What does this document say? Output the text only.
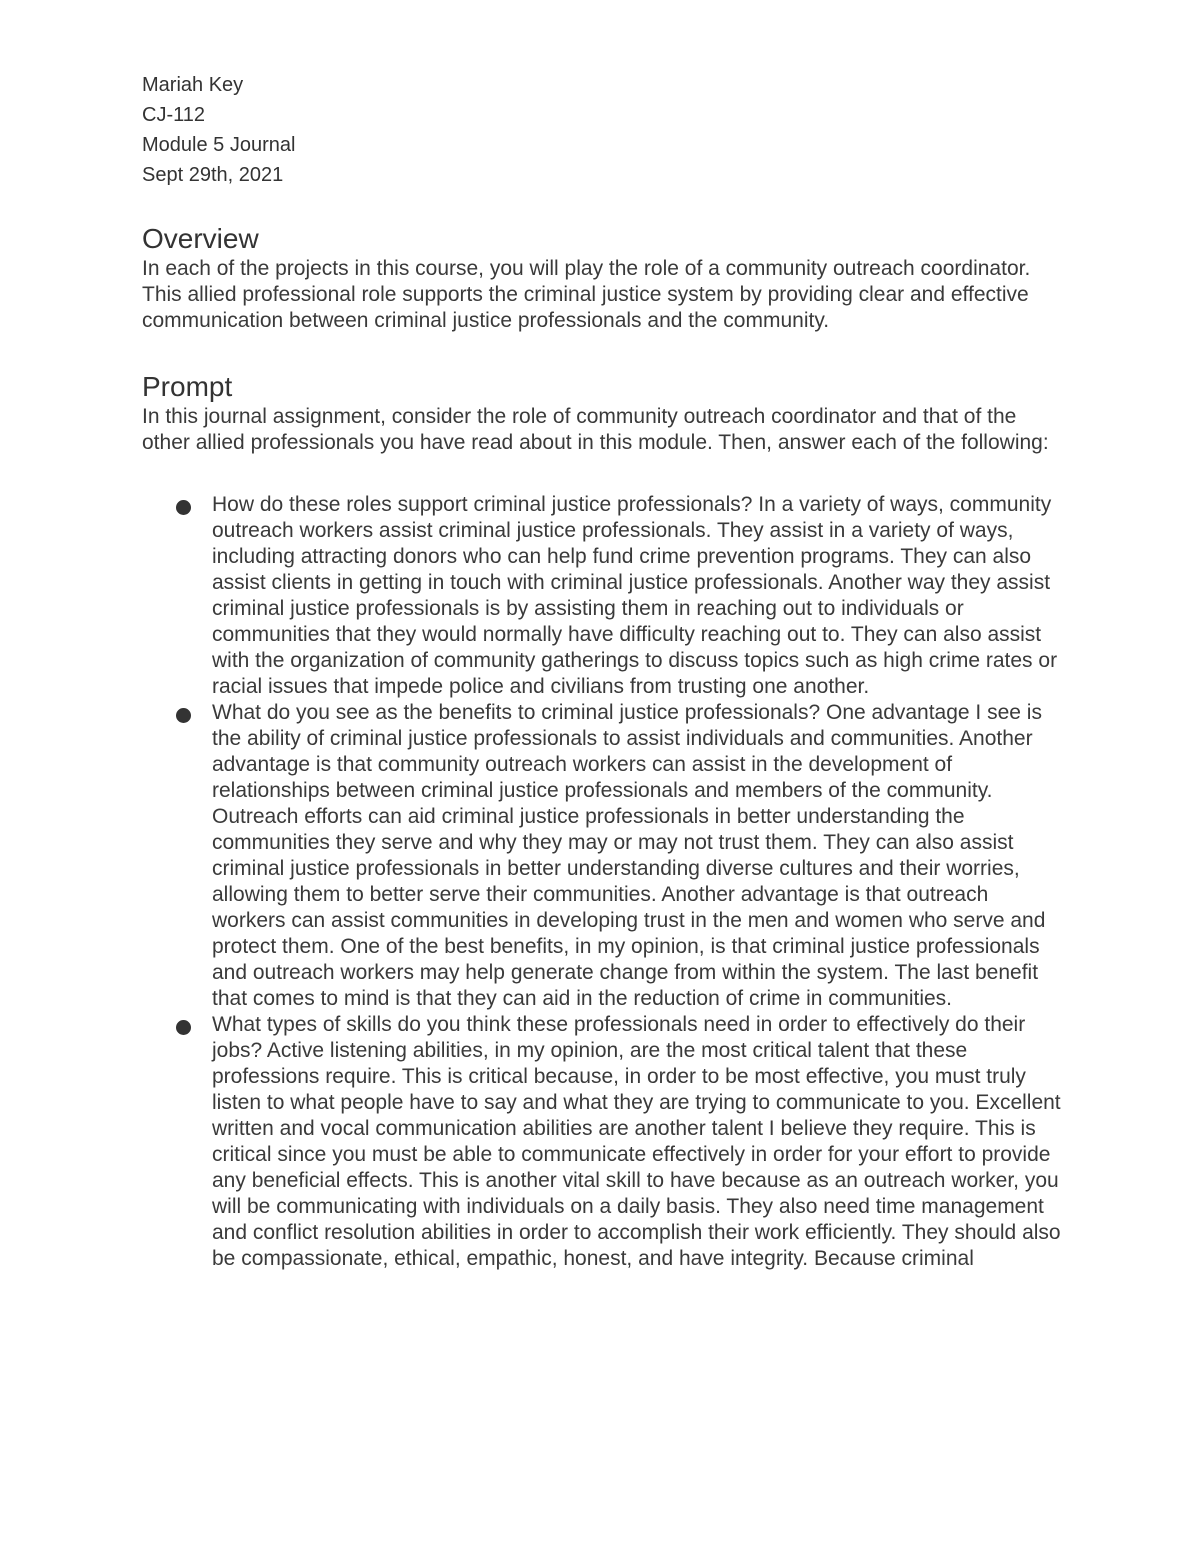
Mariah Key

CJ-112

Module 5 Journal

Sept 29th, 2021

Overview

In each of the projects in this course, you will play the role of a community outreach coordinator. This allied professional role supports the criminal justice system by providing clear and effective communication between criminal justice professionals and the community.

Prompt

In this journal assignment, consider the role of community outreach coordinator and that of the other allied professionals you have read about in this module. Then, answer each of the following:

How do these roles support criminal justice professionals? In a variety of ways, community outreach workers assist criminal justice professionals. They assist in a variety of ways, including attracting donors who can help fund crime prevention programs. They can also assist clients in getting in touch with criminal justice professionals. Another way they assist criminal justice professionals is by assisting them in reaching out to individuals or communities that they would normally have difficulty reaching out to. They can also assist with the organization of community gatherings to discuss topics such as high crime rates or racial issues that impede police and civilians from trusting one another.
What do you see as the benefits to criminal justice professionals? One advantage I see is the ability of criminal justice professionals to assist individuals and communities. Another advantage is that community outreach workers can assist in the development of relationships between criminal justice professionals and members of the community. Outreach efforts can aid criminal justice professionals in better understanding the communities they serve and why they may or may not trust them. They can also assist criminal justice professionals in better understanding diverse cultures and their worries, allowing them to better serve their communities. Another advantage is that outreach workers can assist communities in developing trust in the men and women who serve and protect them. One of the best benefits, in my opinion, is that criminal justice professionals and outreach workers may help generate change from within the system. The last benefit that comes to mind is that they can aid in the reduction of crime in communities.
What types of skills do you think these professionals need in order to effectively do their jobs? Active listening abilities, in my opinion, are the most critical talent that these professions require. This is critical because, in order to be most effective, you must truly listen to what people have to say and what they are trying to communicate to you. Excellent written and vocal communication abilities are another talent I believe they require. This is critical since you must be able to communicate effectively in order for your effort to provide any beneficial effects. This is another vital skill to have because as an outreach worker, you will be communicating with individuals on a daily basis. They also need time management and conflict resolution abilities in order to accomplish their work efficiently. They should also be compassionate, ethical, empathic, honest, and have integrity. Because criminal
